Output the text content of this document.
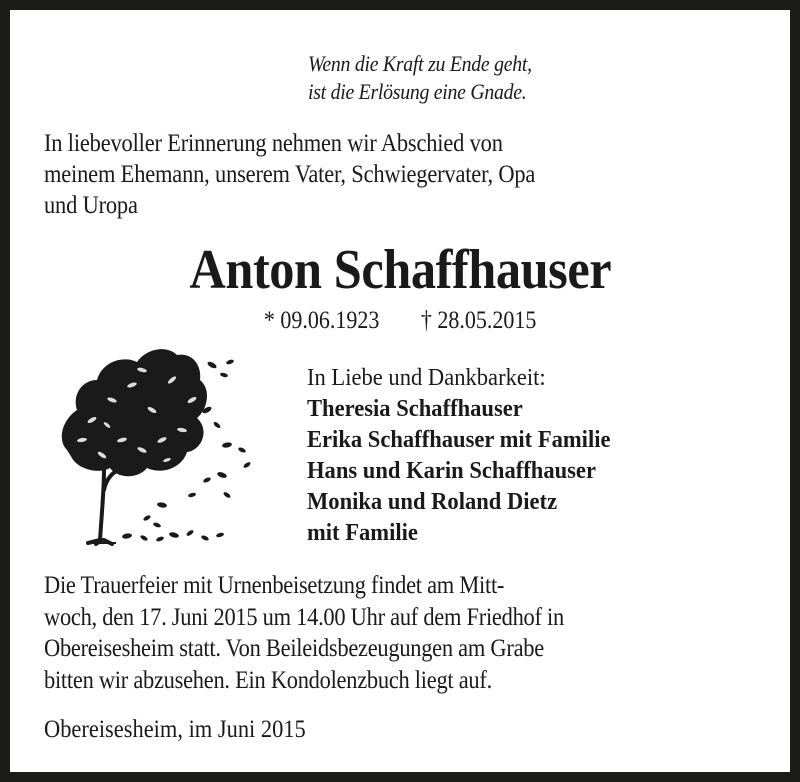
Wenn die Kraft zu Ende geht,
ist die Erlösung eine Gnade.
In liebevoller Erinnerung nehmen wir Abschied von
meinem Ehemann, unserem Vater, Schwiegervater, Opa
und Uropa
Anton Schaffhauser
* 09.06.1923 † 28.05.2015
In Liebe und Dankbarkeit:
Theresia Schaffhauser
Erika Schaffhauser mit Familie
Hans und Karin Schaffhauser
Monika und Roland Dietz
mit Familie
Die Trauerfeier mit Urnenbeisetzung findet am Mitt-
woch, den 17. Juni 2015 um 14.00 Uhr auf dem Friedhof in
Obereisesheim statt. Von Beileidsbezeugungen am Grabe
bitten wir abzusehen. Ein Kondolenzbuch liegt auf.
Obereisesheim, im Juni 2015
